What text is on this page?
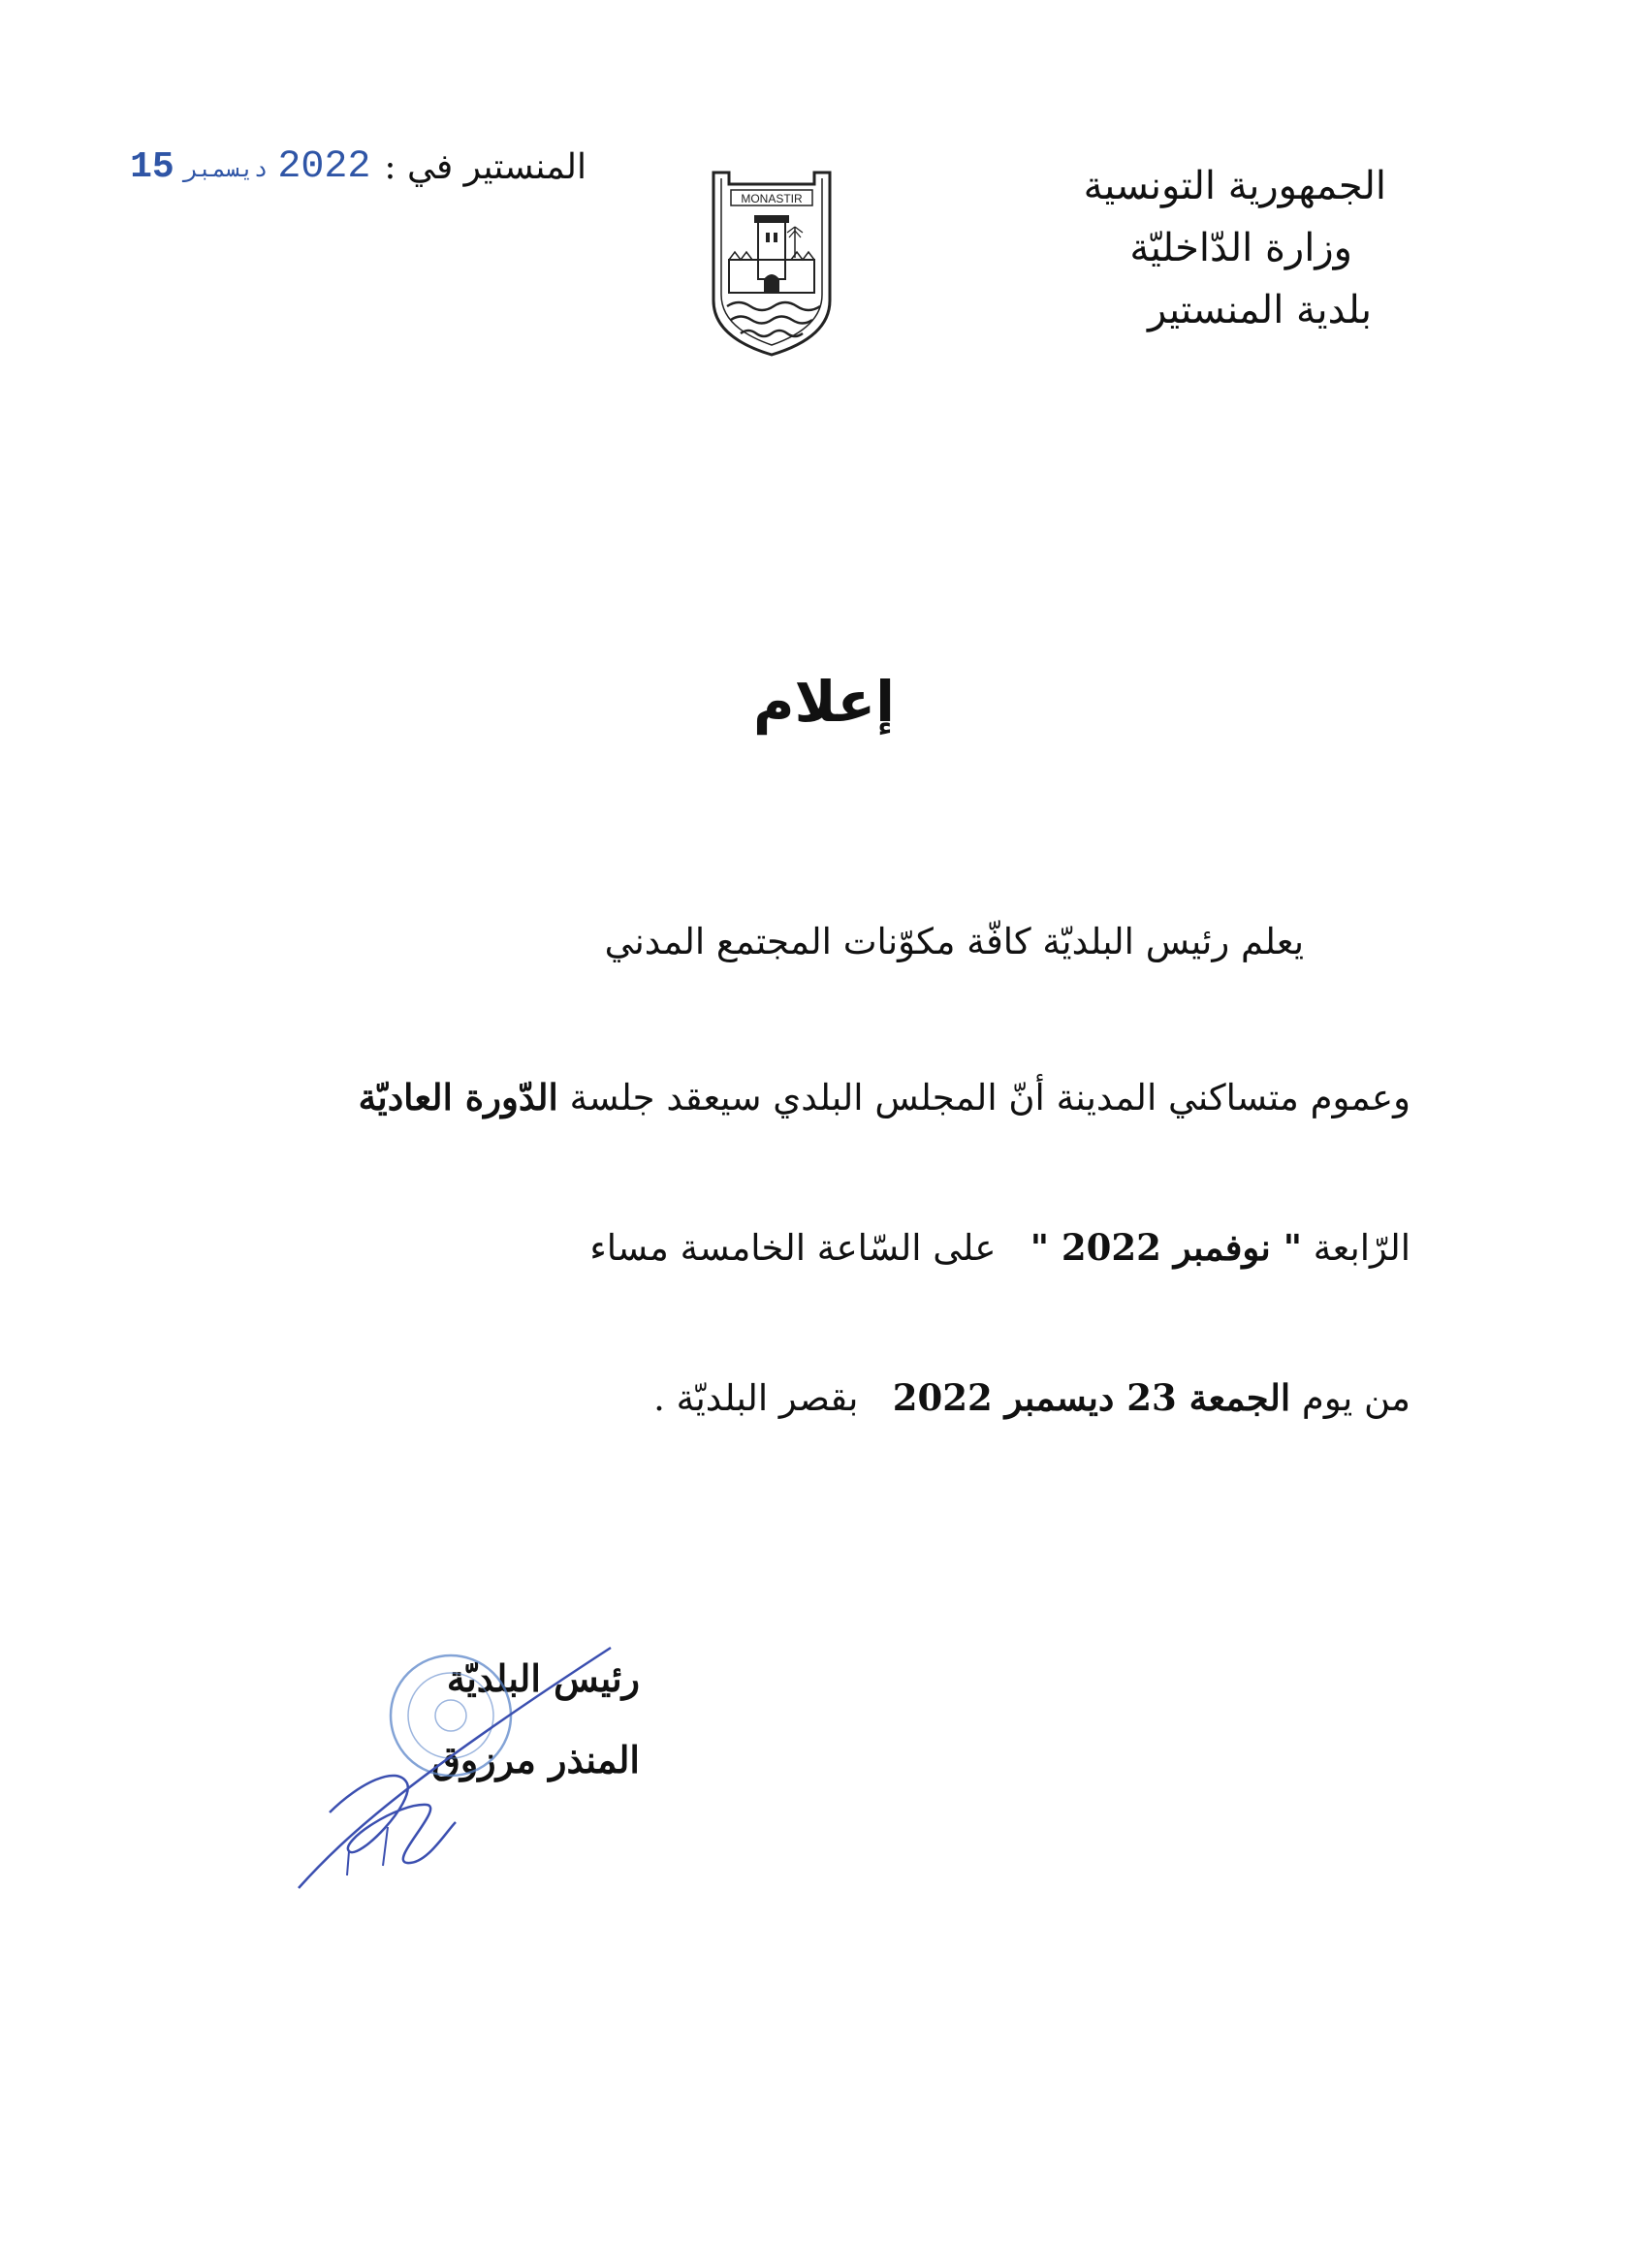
الجمهورية التونسية
وزارة الدّاخليّة
بلدية المنستير
MONASTIR
المنستير في :
15 ديسمبر 2022
إعلام
يعلم رئيس البلديّة كافّة مكوّنات المجتمع المدني
وعموم متساكني المدينة أنّ المجلس البلدي سيعقد جلسة الدّورة العاديّة
الرّابعة " نوفمبر 2022 "   على السّاعة الخامسة مساء
من يوم الجمعة 23 ديسمبر 2022   بقصر البلديّة .
رئيس البلديّة
المنذر مرزوق
